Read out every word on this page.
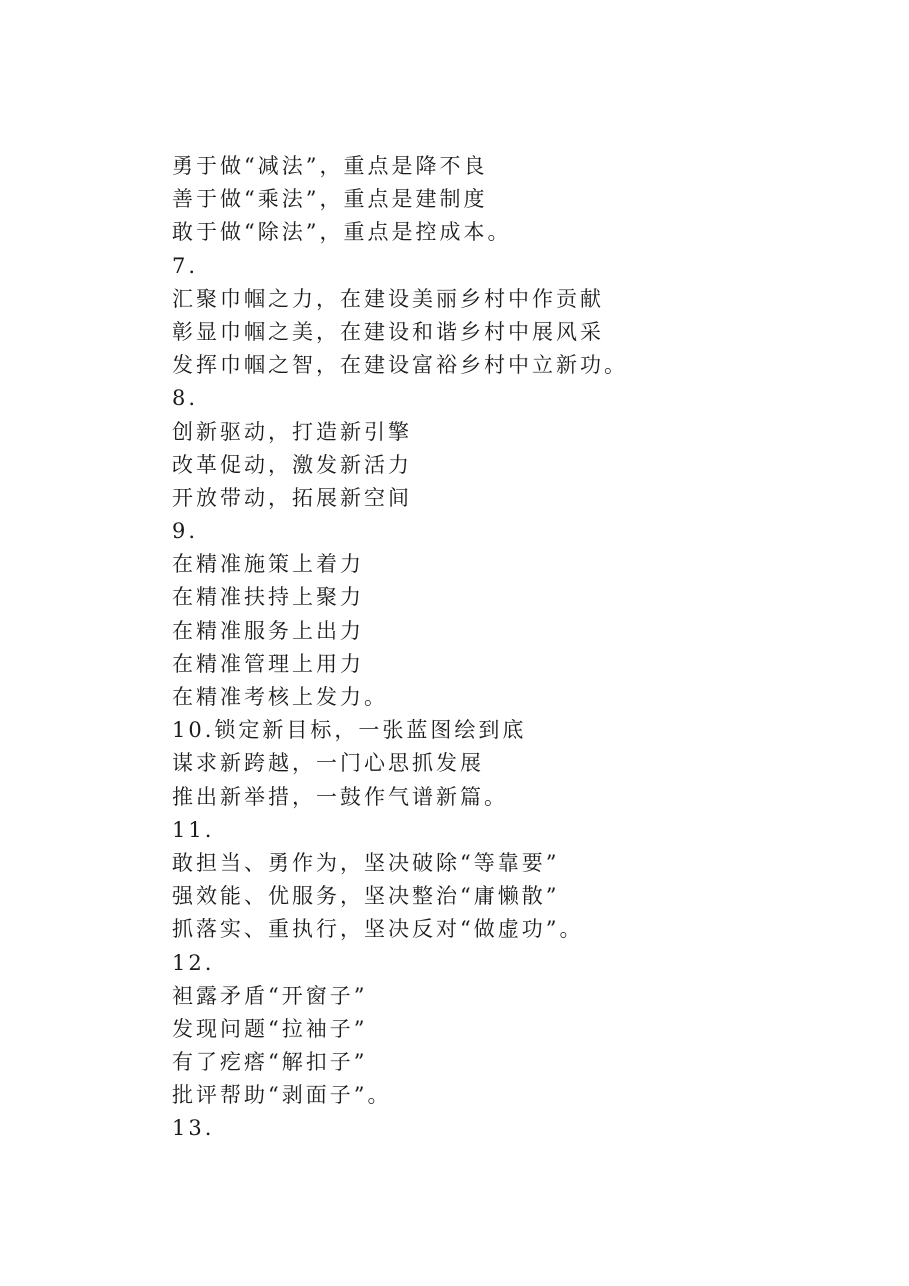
勇于做“减法”，重点是降不良
善于做“乘法”，重点是建制度
敢于做“除法”，重点是控成本。
7.
汇聚巾帼之力，在建设美丽乡村中作贡献
彰显巾帼之美，在建设和谐乡村中展风采
发挥巾帼之智，在建设富裕乡村中立新功。
8.
创新驱动，打造新引擎
改革促动，激发新活力
开放带动，拓展新空间
9.
在精准施策上着力
在精准扶持上聚力
在精准服务上出力
在精准管理上用力
在精准考核上发力。
10.锁定新目标，一张蓝图绘到底
谋求新跨越，一门心思抓发展
推出新举措，一鼓作气谱新篇。
11.
敢担当、勇作为，坚决破除“等靠要”
强效能、优服务，坚决整治“庸懒散”
抓落实、重执行，坚决反对“做虚功”。
12.
袒露矛盾“开窗子”
发现问题“拉袖子”
有了疙瘩“解扣子”
批评帮助“剥面子”。
13.
